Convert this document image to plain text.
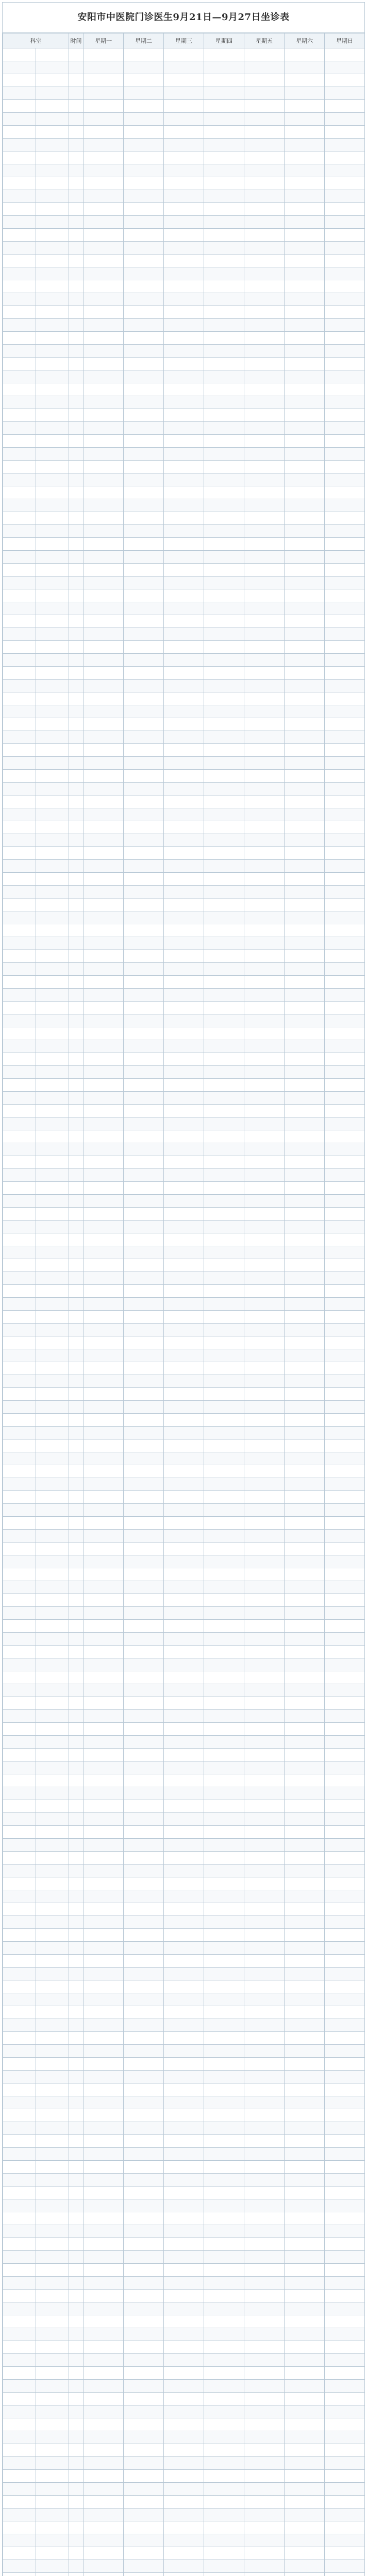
安阳市中医院门诊医生9月21日—9月27日坐诊表
科室		时间	星期一	星期二	星期三	星期四	星期五	星期六	星期日
